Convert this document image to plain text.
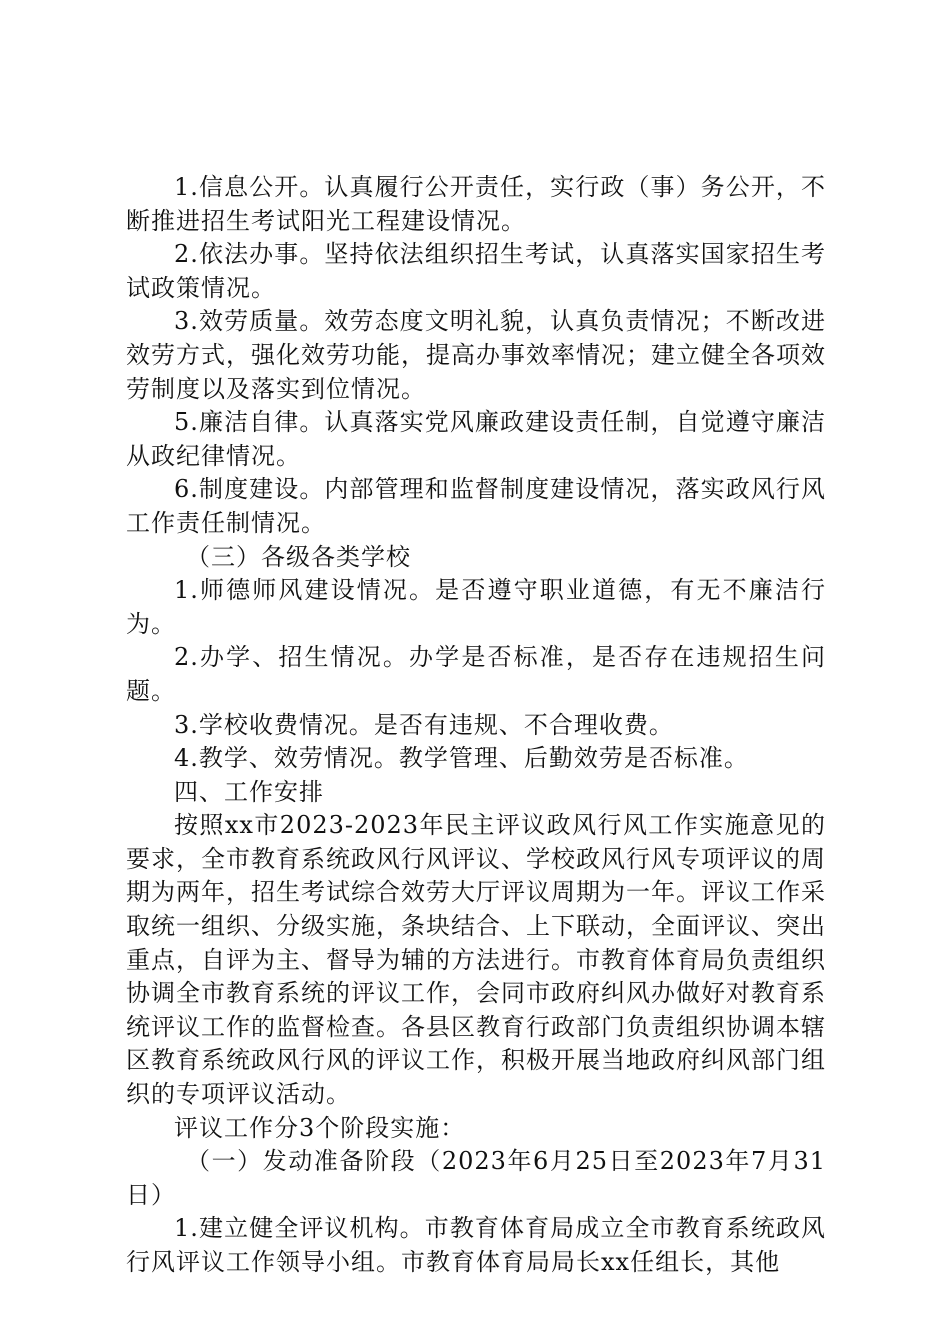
1.信息公开。认真履行公开责任，实行政（事）务公开，不断推进招生考试阳光工程建设情况。

2.依法办事。坚持依法组织招生考试，认真落实国家招生考试政策情况。

3.效劳质量。效劳态度文明礼貌，认真负责情况；不断改进效劳方式，强化效劳功能，提高办事效率情况；建立健全各项效劳制度以及落实到位情况。

5.廉洁自律。认真落实党风廉政建设责任制，自觉遵守廉洁从政纪律情况。

6.制度建设。内部管理和监督制度建设情况，落实政风行风工作责任制情况。

（三）各级各类学校

1.师德师风建设情况。是否遵守职业道德，有无不廉洁行为。

2.办学、招生情况。办学是否标准，是否存在违规招生问题。

3.学校收费情况。是否有违规、不合理收费。

4.教学、效劳情况。教学管理、后勤效劳是否标准。

四、工作安排

按照xx市2023-2023年民主评议政风行风工作实施意见的要求，全市教育系统政风行风评议、学校政风行风专项评议的周期为两年，招生考试综合效劳大厅评议周期为一年。评议工作采取统一组织、分级实施，条块结合、上下联动，全面评议、突出重点，自评为主、督导为辅的方法进行。市教育体育局负责组织协调全市教育系统的评议工作，会同市政府纠风办做好对教育系统评议工作的监督检查。各县区教育行政部门负责组织协调本辖区教育系统政风行风的评议工作，积极开展当地政府纠风部门组织的专项评议活动。

评议工作分3个阶段实施：

（一）发动准备阶段（2023年6月25日至2023年7月31日）

1.建立健全评议机构。市教育体育局成立全市教育系统政风行风评议工作领导小组。市教育体育局局长xx任组长，其他
